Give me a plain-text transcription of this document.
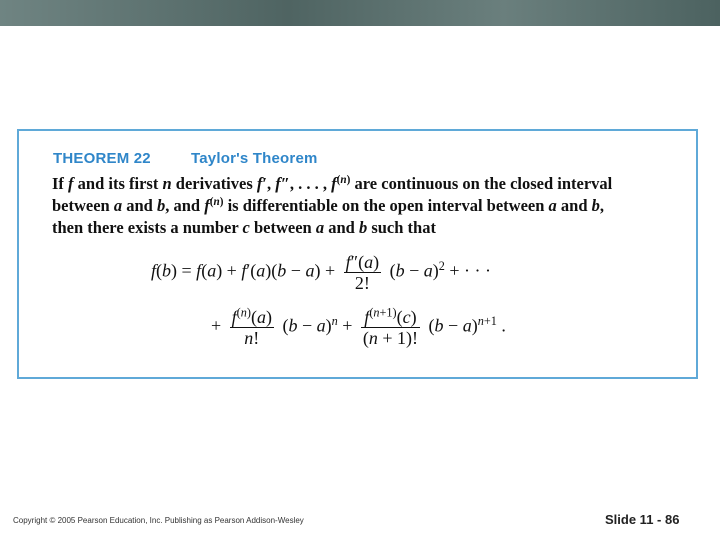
THEOREM 22	Taylor's Theorem
If f and its first n derivatives f′, f″, . . . , $f^{(n)}$ are continuous on the closed interval
between a and b, and $f^{(n)}$ is differentiable on the open interval between a and b,
then there exists a number c between a and b such that
$f(b) = f(a) + f'(a)(b - a) + \frac{f''(a)}{2!} (b - a)^2$ + · · ·
+ $\frac{f^{(n)}(a)}{n!} (b - a)^n + \frac{f^{(n+1)}(c)}{(n + 1)!} (b - a)^{n+1}$ .
Copyright © 2005 Pearson Education, Inc. Publishing as Pearson Addison-Wesley	Slide 11 - 86
